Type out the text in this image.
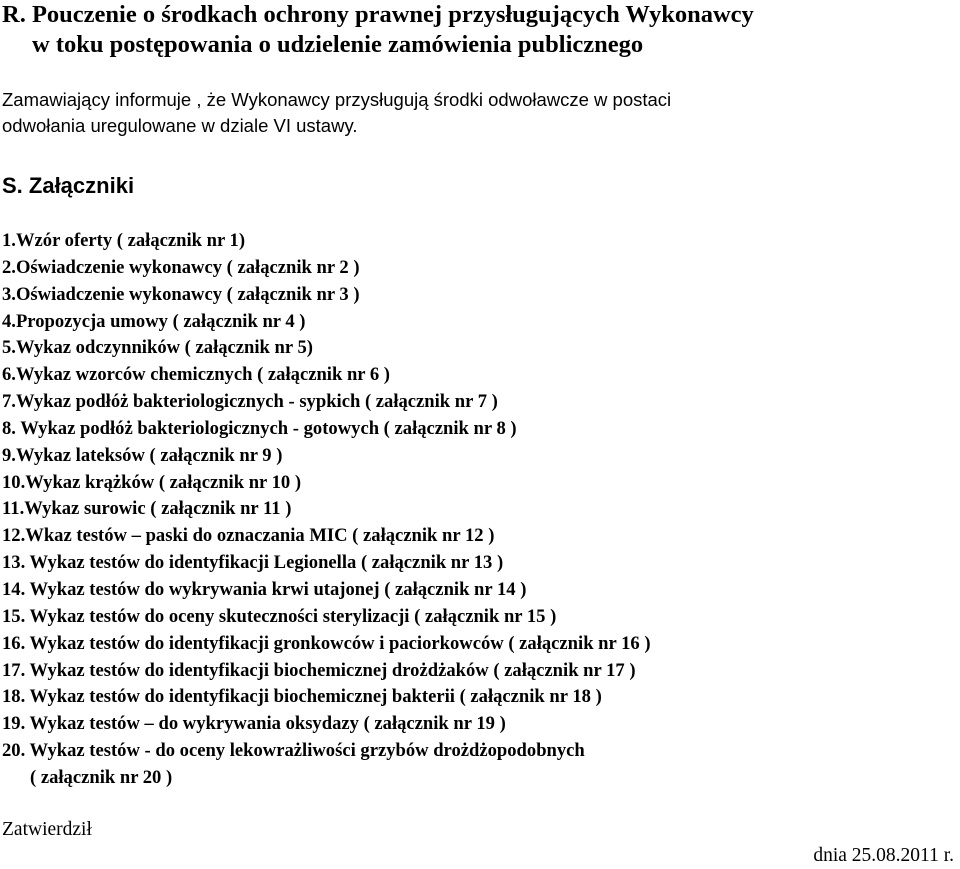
R. Pouczenie o środkach ochrony prawnej przysługujących Wykonawcy
w toku postępowania o udzielenie zamówienia publicznego
Zamawiający informuje , że Wykonawcy przysługują środki odwoławcze w postaci
odwołania uregulowane w dziale VI ustawy.
S. Załączniki
1.Wzór oferty ( załącznik nr 1)
2.Oświadczenie wykonawcy ( załącznik nr 2 )
3.Oświadczenie wykonawcy ( załącznik nr 3 )
4.Propozycja umowy ( załącznik nr 4 )
5.Wykaz odczynników ( załącznik nr 5)
6.Wykaz wzorców chemicznych ( załącznik nr 6 )
7.Wykaz podłóż bakteriologicznych - sypkich ( załącznik nr 7 )
8. Wykaz podłóż bakteriologicznych - gotowych ( załącznik nr 8 )
9.Wykaz lateksów ( załącznik nr 9 )
10.Wykaz krążków ( załącznik nr 10 )
11.Wykaz surowic ( załącznik nr 11 )
12.Wkaz testów – paski do oznaczania MIC ( załącznik nr 12 )
13. Wykaz testów do identyfikacji Legionella ( załącznik nr 13 )
14. Wykaz testów do wykrywania krwi utajonej ( załącznik nr 14 )
15. Wykaz testów do oceny skuteczności sterylizacji ( załącznik nr 15 )
16. Wykaz testów do identyfikacji gronkowców i paciorkowców ( załącznik nr 16 )
17. Wykaz testów do identyfikacji biochemicznej drożdżaków ( załącznik nr 17 )
18. Wykaz testów do identyfikacji biochemicznej bakterii ( załącznik nr 18 )
19. Wykaz testów – do wykrywania oksydazy ( załącznik nr 19 )
20. Wykaz testów - do oceny lekowrażliwości grzybów drożdżopodobnych
( załącznik nr 20 )
Zatwierdził
dnia 25.08.2011 r.
